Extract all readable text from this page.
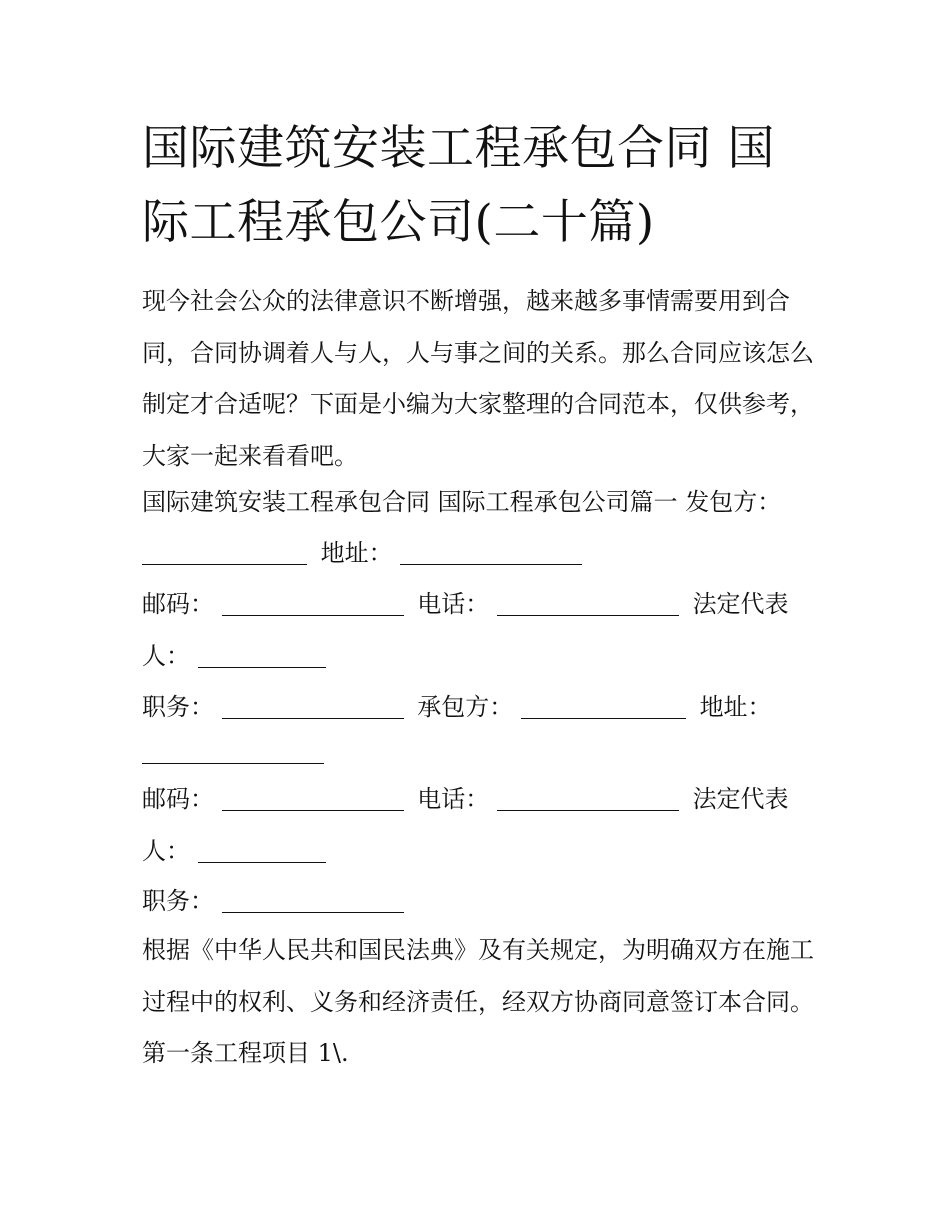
国际建筑安装工程承包合同 国际工程承包公司(二十篇)

现今社会公众的法律意识不断增强，越来越多事情需要用到合同，合同协调着人与人，人与事之间的关系。那么合同应该怎么制定才合适呢？下面是小编为大家整理的合同范本，仅供参考，大家一起来看看吧。

国际建筑安装工程承包合同 国际工程承包公司篇一 发包方：
地址：
邮码：	电话：	法定代表
人：
职务：	承包方：	地址：
邮码：	电话：	法定代表
人：
职务：

根据《中华人民共和国民法典》及有关规定，为明确双方在施工过程中的权利、义务和经济责任，经双方协商同意签订本合同。 第一条工程项目 1\.
